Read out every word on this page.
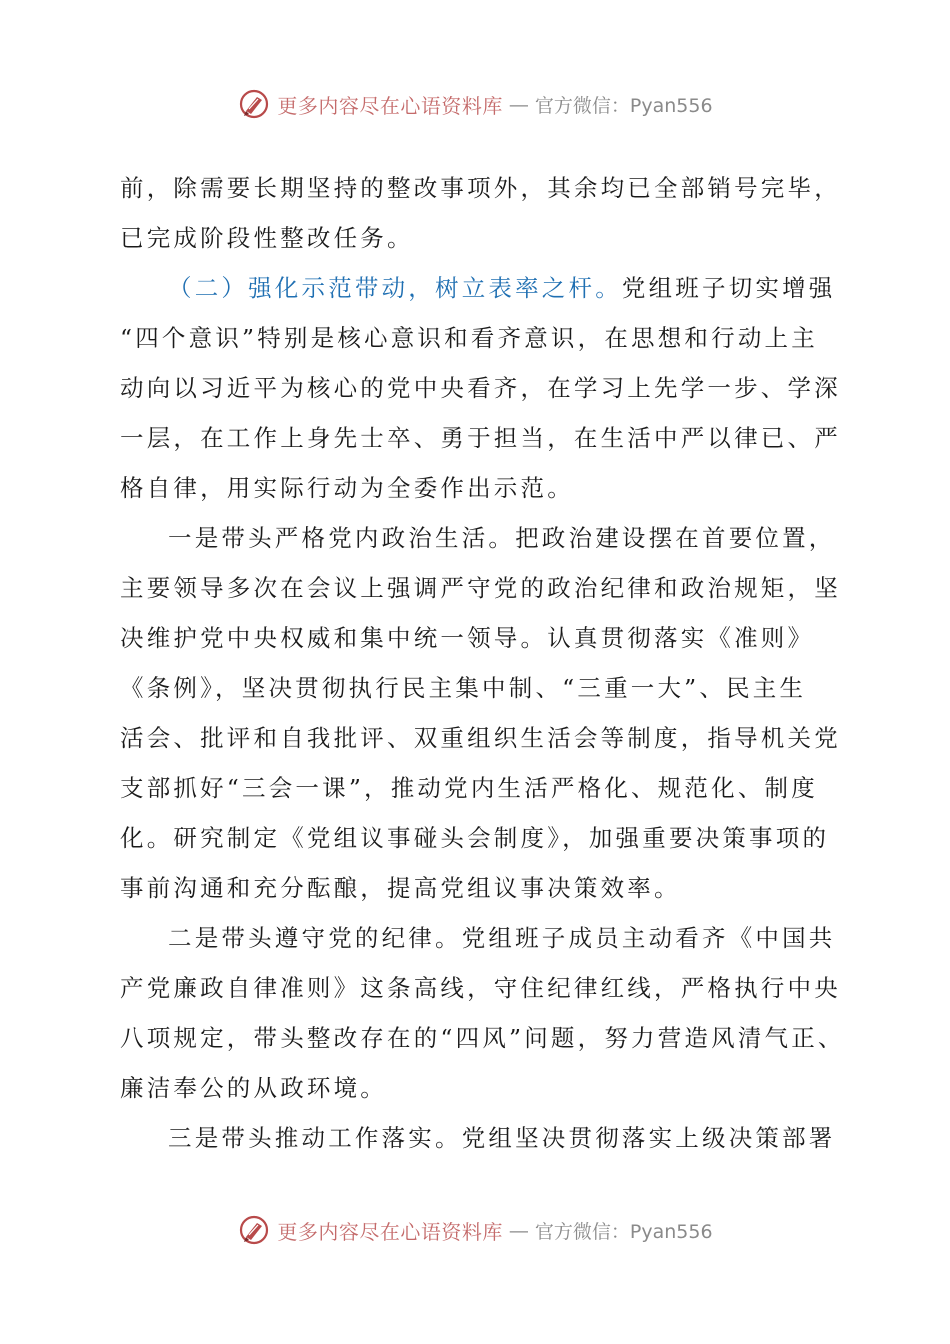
更多内容尽在心语资料库 — 官方微信：Pyan556
前，除需要长期坚持的整改事项外，其余均已全部销号完毕，
已完成阶段性整改任务。
（二）强化示范带动，树立表率之杆。党组班子切实增强
“四个意识”特别是核心意识和看齐意识，在思想和行动上主
动向以习近平为核心的党中央看齐，在学习上先学一步、学深
一层，在工作上身先士卒、勇于担当，在生活中严以律已、严
格自律，用实际行动为全委作出示范。
一是带头严格党内政治生活。把政治建设摆在首要位置，
主要领导多次在会议上强调严守党的政治纪律和政治规矩，坚
决维护党中央权威和集中统一领导。认真贯彻落实《准则》
《条例》，坚决贯彻执行民主集中制、“三重一大”、民主生
活会、批评和自我批评、双重组织生活会等制度，指导机关党
支部抓好“三会一课”，推动党内生活严格化、规范化、制度
化。研究制定《党组议事碰头会制度》，加强重要决策事项的
事前沟通和充分酝酿，提高党组议事决策效率。
二是带头遵守党的纪律。党组班子成员主动看齐《中国共
产党廉政自律准则》这条高线，守住纪律红线，严格执行中央
八项规定，带头整改存在的“四风”问题，努力营造风清气正、
廉洁奉公的从政环境。
三是带头推动工作落实。党组坚决贯彻落实上级决策部署
更多内容尽在心语资料库 — 官方微信：Pyan556
